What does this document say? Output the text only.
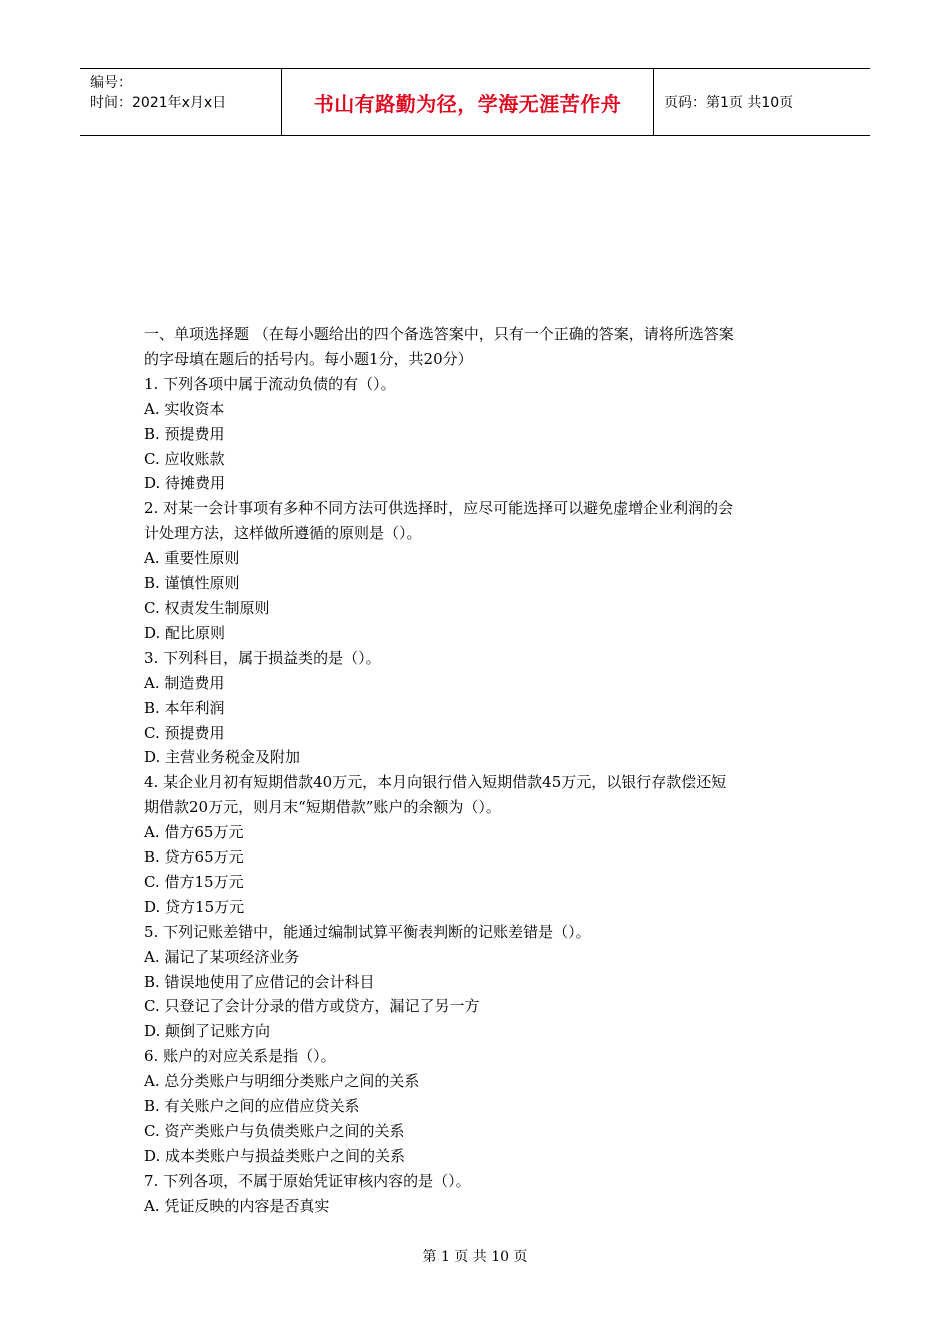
编号：
时间：2021年x月x日	书山有路勤为径，学海无涯苦作舟	页码：第1页 共10页

一、单项选择题 （在每小题给出的四个备选答案中，只有一个正确的答案，请将所选答案

的字母填在题后的括号内。每小题1分，共20分）

1. 下列各项中属于流动负债的有（）。

A. 实收资本

B. 预提费用

C. 应收账款

D. 待摊费用

2. 对某一会计事项有多种不同方法可供选择时，应尽可能选择可以避免虚增企业利润的会

计处理方法，这样做所遵循的原则是（）。

A. 重要性原则

B. 谨慎性原则

C. 权责发生制原则

D. 配比原则

3. 下列科目，属于损益类的是（）。

A. 制造费用

B. 本年利润

C. 预提费用

D. 主营业务税金及附加

4. 某企业月初有短期借款40万元，本月向银行借入短期借款45万元，以银行存款偿还短

期借款20万元，则月末“短期借款”账户的余额为（）。

A. 借方65万元

B. 贷方65万元

C. 借方15万元

D. 贷方15万元

5. 下列记账差错中，能通过编制试算平衡表判断的记账差错是（）。

A. 漏记了某项经济业务

B. 错误地使用了应借记的会计科目

C. 只登记了会计分录的借方或贷方，漏记了另一方

D. 颠倒了记账方向

6. 账户的对应关系是指（）。

A. 总分类账户与明细分类账户之间的关系

B. 有关账户之间的应借应贷关系

C. 资产类账户与负债类账户之间的关系

D. 成本类账户与损益类账户之间的关系

7. 下列各项，不属于原始凭证审核内容的是（）。

A. 凭证反映的内容是否真实

第 1 页 共 10 页
